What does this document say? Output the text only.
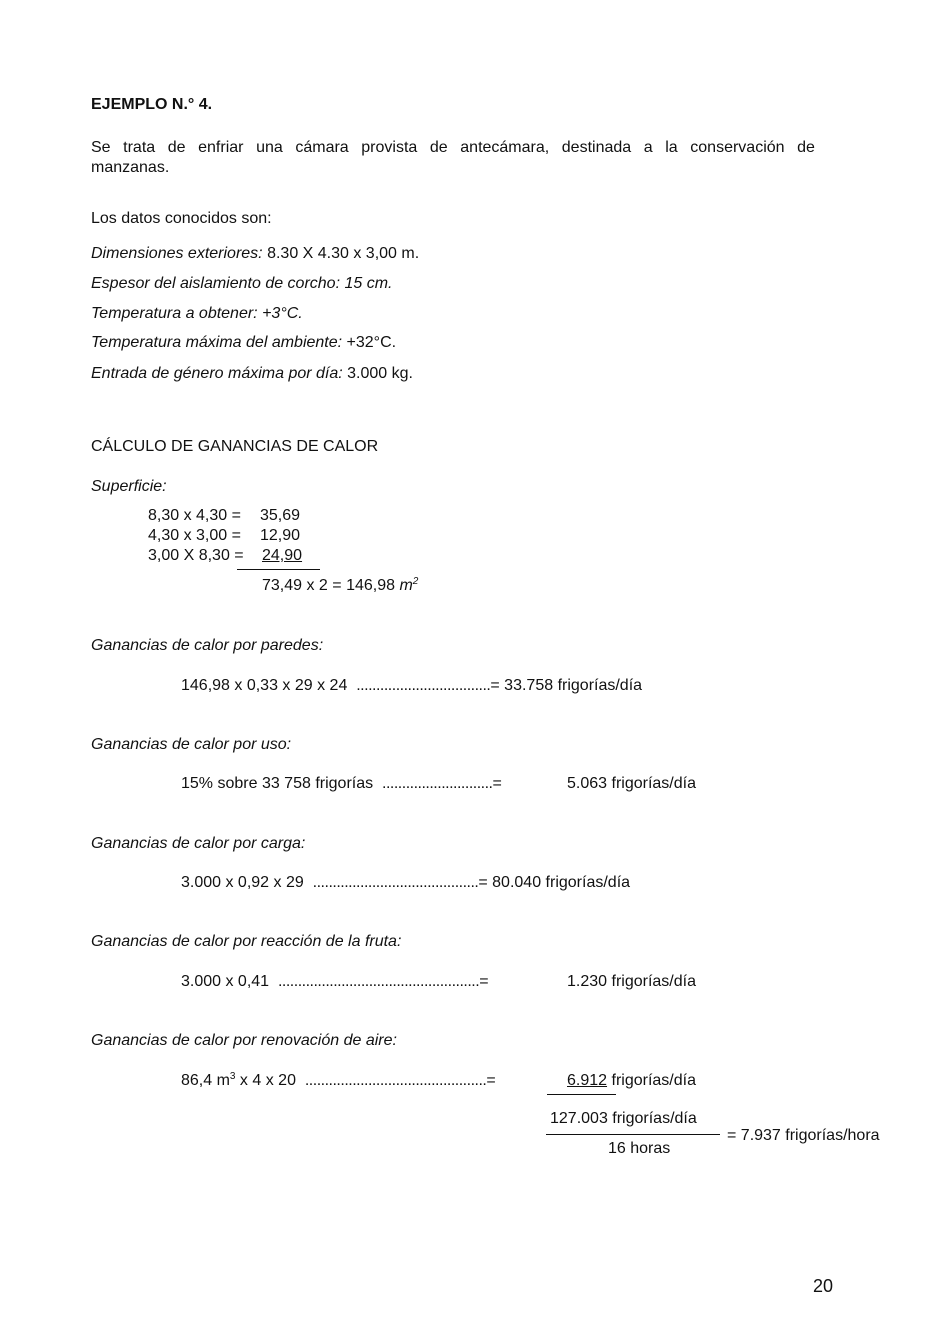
EJEMPLO N.° 4.
Se trata de enfriar una cámara provista de antecámara, destinada a la conservación de
manzanas.
Los datos conocidos son:
Dimensiones exteriores: 8.30 X 4.30 x 3,00 m.
Espesor del aislamiento de corcho: 15 cm.
Temperatura a obtener: +3°C.
Temperatura máxima del ambiente: +32°C.
Entrada de género máxima por día: 3.000 kg.
CÁLCULO DE GANANCIAS DE CALOR
Superficie:
8,30 x 4,30 = 35,69
4,30 x 3,00 = 12,90
3,00 X 8,30 = 24,90
73,49 x 2 = 146,98 $m^2$
Ganancias de calor por paredes:
146,98 x 0,33 x 29 x 24 ..................................= 33.758 frigorías/día
Ganancias de calor por uso:
15% sobre 33 758 frigorías ............................=	5.063 frigorías/día
Ganancias de calor por carga:
3.000 x 0,92 x 29 ..........................................= 80.040 frigorías/día
Ganancias de calor por reacción de la fruta:
3.000 x 0,41 ...................................................=	1.230 frigorías/día
Ganancias de calor por renovación de aire:
86,4 $m^3$ x 4 x 20 ..............................................=	6.912 frigorías/día
127.003 frigorías/día
16 horas
= 7.937 frigorías/hora
20
